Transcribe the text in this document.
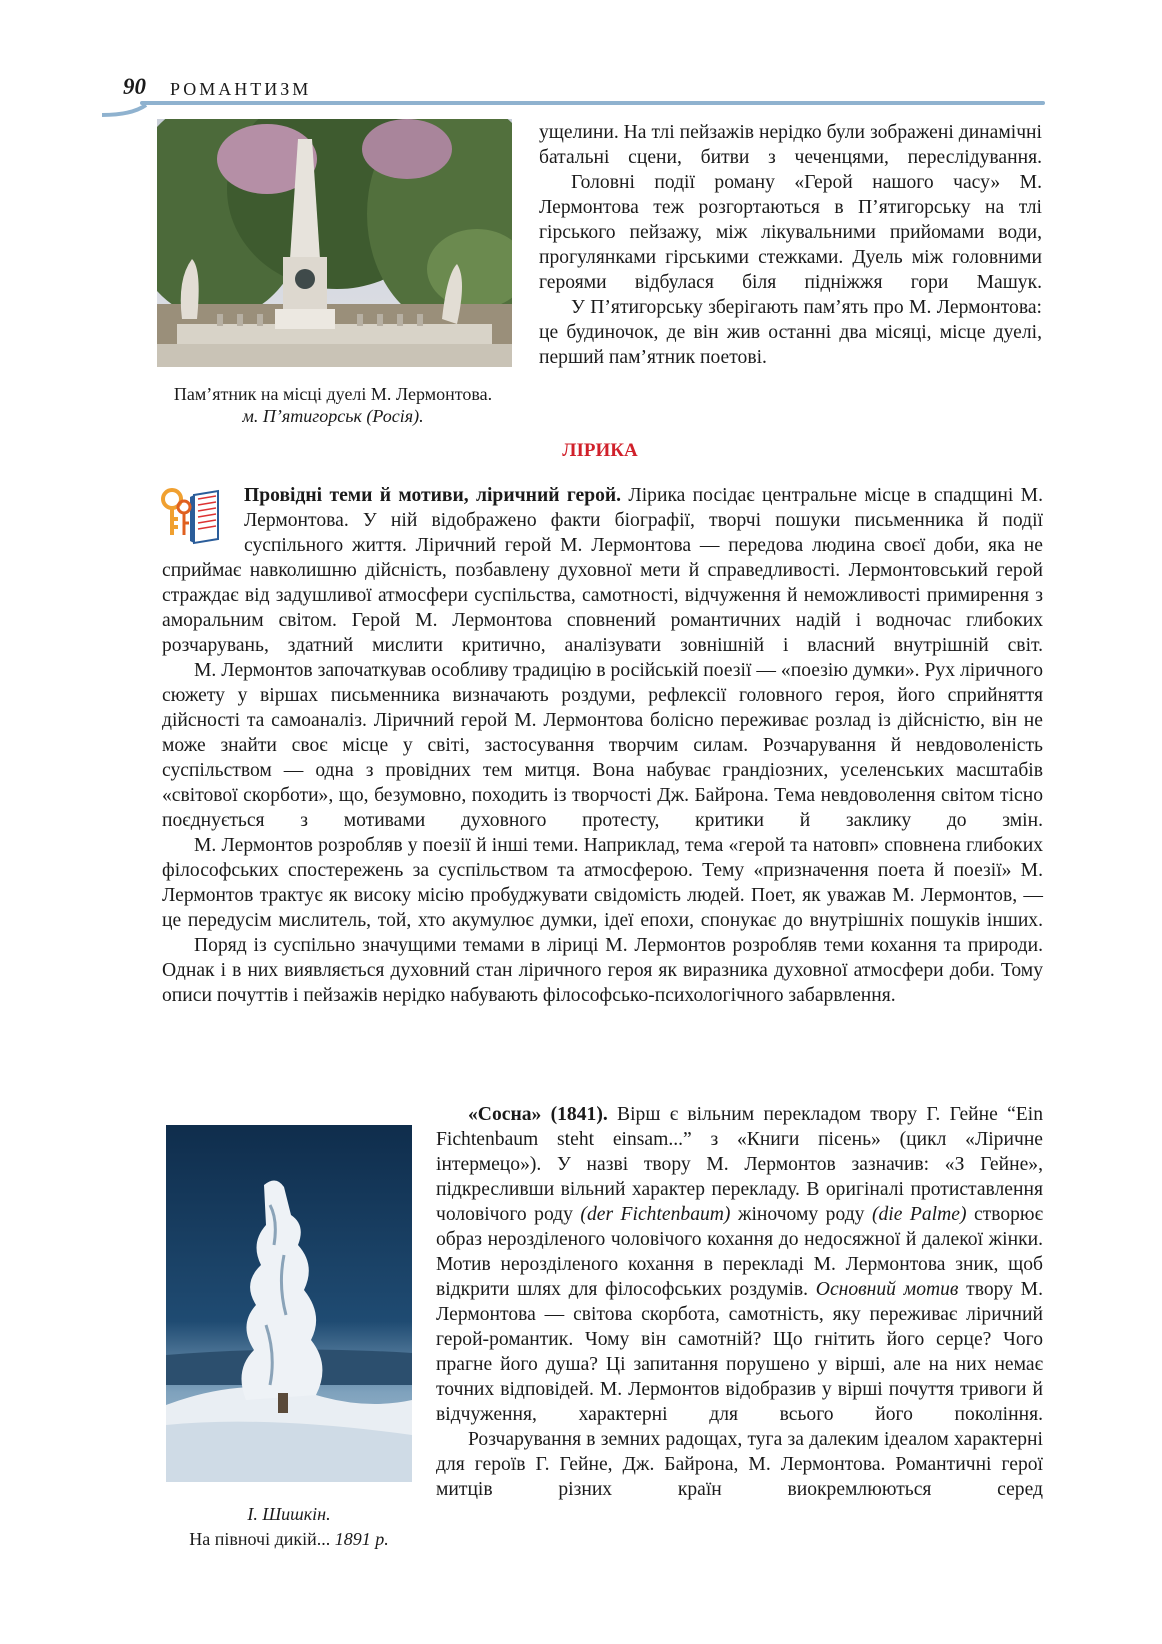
90 РОМАНТИЗМ
Пам’ятник на місці дуелі М. Лермонтова.
м. П’ятигорськ (Росія).

ущелини. На тлі пейзажів нерідко були зображені динамічні батальні сцени, битви з чеченцями, переслідування.

Головні події роману «Герой нашого часу» М. Лермонтова теж розгортаються в П’ятигорську на тлі гірського пейзажу, між лікувальними прийомами води, прогулянками гірськими стежками. Дуель між головними героями відбулася біля підніжжя гори Машук.

У П’ятигорську зберігають пам’ять про М. Лермонтова: це будиночок, де він жив останні два місяці, місце дуелі, перший пам’ятник поетові.

ЛІРИКА

Провідні теми й мотиви, ліричний герой. Лірика посідає центральне місце в спадщині М. Лермонтова. У ній відображено факти біографії, творчі пошуки письменника й події суспільного життя. Ліричний герой М. Лермонтова — передова людина своєї доби, яка не сприймає навколишню дійсність, позбавлену духовної мети й справедливості. Лермонтовський герой страждає від задушливої атмосфери суспільства, самотності, відчуження й неможливості примирення з аморальним світом. Герой М. Лермонтова сповнений романтичних надій і водночас глибоких розчарувань, здатний мислити критично, аналізувати зовнішній і власний внутрішній світ.

М. Лермонтов започаткував особливу традицію в російській поезії — «поезію думки». Рух ліричного сюжету у віршах письменника визначають роздуми, рефлексії головного героя, його сприйняття дійсності та самоаналіз. Ліричний герой М. Лермонтова болісно переживає розлад із дійсністю, він не може знайти своє місце у світі, застосування творчим силам. Розчарування й невдоволеність суспільством — одна з провідних тем митця. Вона набуває грандіозних, уселенських масштабів «світової скорботи», що, безумовно, походить із творчості Дж. Байрона. Тема невдоволення світом тісно поєднується з мотивами духовного протесту, критики й заклику до змін.

М. Лермонтов розробляв у поезії й інші теми. Наприклад, тема «герой та натовп» сповнена глибоких філософських спостережень за суспільством та атмосферою. Тему «призначення поета й поезії» М. Лермонтов трактує як високу місію пробуджувати свідомість людей. Поет, як уважав М. Лермонтов, — це передусім мислитель, той, хто акумулює думки, ідеї епохи, спонукає до внутрішніх пошуків інших.

Поряд із суспільно значущими темами в ліриці М. Лермонтов розробляв теми кохання та природи. Однак і в них виявляється духовний стан ліричного героя як виразника духовної атмосфери доби. Тому описи почуттів і пейзажів нерідко набувають філософсько-психологічного забарвлення.

І. Шишкін.
На півночі дикій... 1891 р.

«Сосна» (1841). Вірш є вільним перекладом твору Г. Гейне “Ein Fichtenbaum steht einsam...” з «Книги пісень» (цикл «Ліричне інтермецо»). У назві твору М. Лермонтов зазначив: «З Гейне», підкресливши вільний характер перекладу. В оригіналі протиставлення чоловічого роду (der Fichtenbaum) жіночому роду (die Palme) створює образ нерозділеного чоловічого кохання до недосяжної й далекої жінки. Мотив нерозділеного кохання в перекладі М. Лермонтова зник, щоб відкрити шлях для філософських роздумів. Основний мотив твору М. Лермонтова — світова скорбота, самотність, яку переживає ліричний герой-романтик. Чому він самотній? Що гнітить його серце? Чого прагне його душа? Ці запитання порушено у вірші, але на них немає точних відповідей. М. Лермонтов відобразив у вірші почуття тривоги й відчуження, характерні для всього його покоління.

Розчарування в земних радощах, туга за далеким ідеалом характерні для героїв Г. Гейне, Дж. Байрона, М. Лермонтова. Романтичні герої митців різних країн виокремлюються серед
